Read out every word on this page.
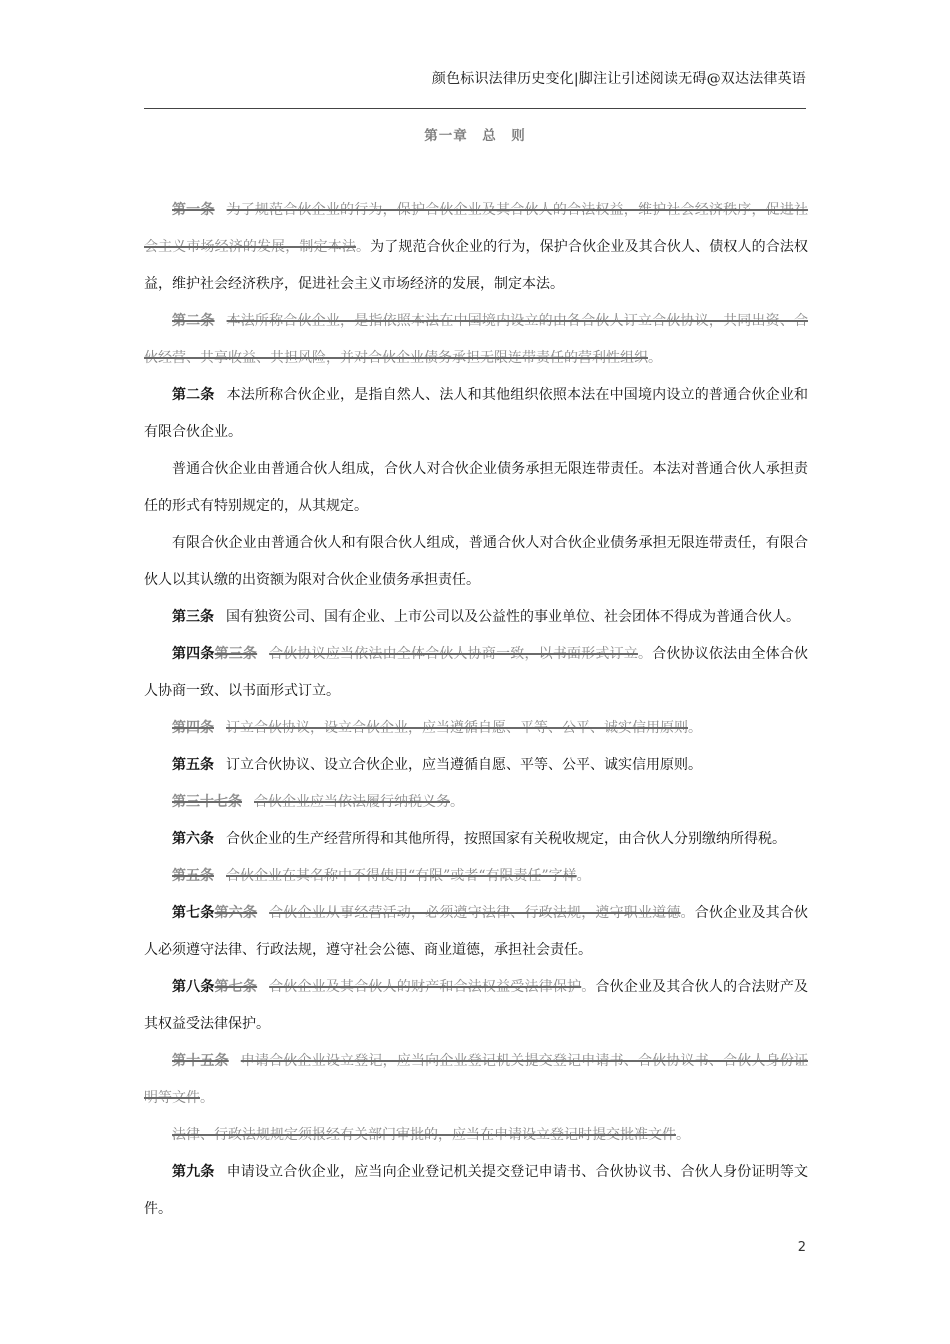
颜色标识法律历史变化|脚注让引述阅读无碍@双达法律英语
第一章　总　则

第一条 为了规范合伙企业的行为，保护合伙企业及其合伙人的合法权益，维护社会经济秩序，促进社会主义市场经济的发展，制定本法。为了规范合伙企业的行为，保护合伙企业及其合伙人、债权人的合法权益，维护社会经济秩序，促进社会主义市场经济的发展，制定本法。

第二条 本法所称合伙企业，是指依照本法在中国境内设立的由各合伙人订立合伙协议，共同出资、合伙经营、共享收益、共担风险，并对合伙企业债务承担无限连带责任的营利性组织。

第二条 本法所称合伙企业，是指自然人、法人和其他组织依照本法在中国境内设立的普通合伙企业和有限合伙企业。

普通合伙企业由普通合伙人组成，合伙人对合伙企业债务承担无限连带责任。本法对普通合伙人承担责任的形式有特别规定的，从其规定。

有限合伙企业由普通合伙人和有限合伙人组成，普通合伙人对合伙企业债务承担无限连带责任，有限合伙人以其认缴的出资额为限对合伙企业债务承担责任。

第三条 国有独资公司、国有企业、上市公司以及公益性的事业单位、社会团体不得成为普通合伙人。

第四条第三条 合伙协议应当依法由全体合伙人协商一致，以书面形式订立。合伙协议依法由全体合伙人协商一致、以书面形式订立。

第四条 订立合伙协议，设立合伙企业，应当遵循自愿、平等、公平、诚实信用原则。

第五条 订立合伙协议、设立合伙企业，应当遵循自愿、平等、公平、诚实信用原则。

第三十七条 合伙企业应当依法履行纳税义务。

第六条 合伙企业的生产经营所得和其他所得，按照国家有关税收规定，由合伙人分别缴纳所得税。

第五条 合伙企业在其名称中不得使用“有限”或者“有限责任”字样。

第七条第六条 合伙企业从事经营活动，必须遵守法律、行政法规，遵守职业道德。合伙企业及其合伙人必须遵守法律、行政法规，遵守社会公德、商业道德，承担社会责任。

第八条第七条 合伙企业及其合伙人的财产和合法权益受法律保护。合伙企业及其合伙人的合法财产及其权益受法律保护。

第十五条 申请合伙企业设立登记，应当向企业登记机关提交登记申请书、合伙协议书、合伙人身份证明等文件。

法律、行政法规规定须报经有关部门审批的，应当在申请设立登记时提交批准文件。

第九条 申请设立合伙企业，应当向企业登记机关提交登记申请书、合伙协议书、合伙人身份证明等文件。

2
